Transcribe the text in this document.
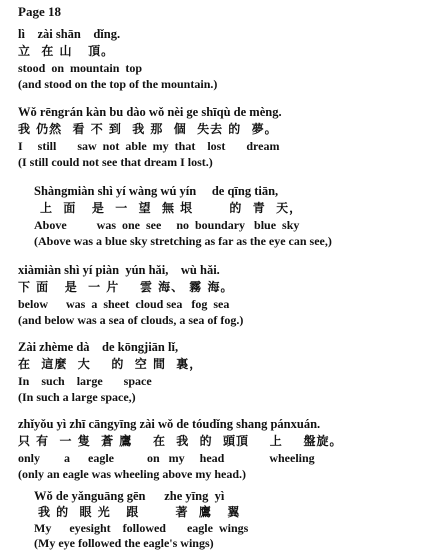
Page 18
lì    zài shān    dǐng.
立  在 山   頂。
stood  on  mountain  top
(and stood on the top of the mountain.)
Wǒ rēngrán kàn bu dào wǒ nèi ge shīqù de mèng.
我 仍然  看 不 到  我 那  個  失去 的  夢。
I     still       saw  not  able  my  that    lost       dream
(I still could not see that dream I lost.)
Shàngmiàn shì yí wàng wú yín     de qīng tiān,
上  面   是  一  望  無 垠       的  青  天，
Above          was  one  see     no  boundary   blue  sky
(Above was a blue sky stretching as far as the eye can see,)
xiàmiàn shì yí piàn  yún hǎi,    wù hǎi.
下 面   是  一 片    雲 海、 霧 海。
below      was  a  sheet  cloud sea   fog  sea
(and below was a sea of clouds, a sea of fog.)
Zài zhème dà    de kōngjiān lǐ,
在  這麼  大    的  空 間  裏，
In    such    large       space
(In such a large space,)
zhǐyǒu yì zhī cāngyīng zài wǒ de tóudǐng shang pánxuán.
只 有  一 隻  蒼 鷹    在  我  的  頭頂    上    盤旋。
only        a      eagle           on   my     head               wheeling
(only an eagle was wheeling above my head.)
Wǒ de yǎnguāng gēn      zhe yīng  yì
我 的  眼 光   跟       著  鷹   翼
My      eyesight    followed       eagle  wings
(My eye followed the eagle's wings)
